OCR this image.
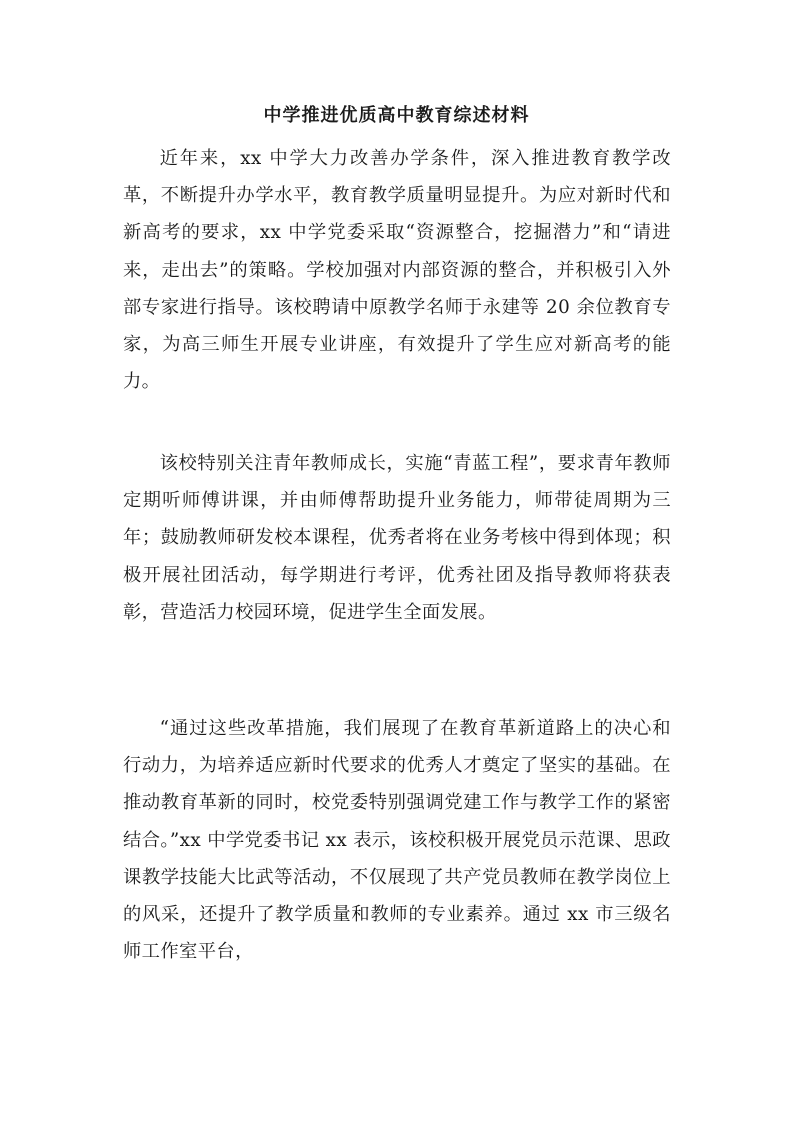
中学推进优质高中教育综述材料

近年来，xx 中学大力改善办学条件，深入推进教育教学改革，不断提升办学水平，教育教学质量明显提升。为应对新时代和新高考的要求，xx 中学党委采取“资源整合，挖掘潜力”和“请进来，走出去”的策略。学校加强对内部资源的整合，并积极引入外部专家进行指导。该校聘请中原教学名师于永建等 20 余位教育专家，为高三师生开展专业讲座，有效提升了学生应对新高考的能力。

该校特别关注青年教师成长，实施“青蓝工程”，要求青年教师定期听师傅讲课，并由师傅帮助提升业务能力，师带徒周期为三年；鼓励教师研发校本课程，优秀者将在业务考核中得到体现；积极开展社团活动，每学期进行考评，优秀社团及指导教师将获表彰，营造活力校园环境，促进学生全面发展。

“通过这些改革措施，我们展现了在教育革新道路上的决心和行动力，为培养适应新时代要求的优秀人才奠定了坚实的基础。在推动教育革新的同时，校党委特别强调党建工作与教学工作的紧密结合。”xx 中学党委书记 xx 表示，该校积极开展党员示范课、思政课教学技能大比武等活动，不仅展现了共产党员教师在教学岗位上的风采，还提升了教学质量和教师的专业素养。通过 xx 市三级名师工作室平台，
